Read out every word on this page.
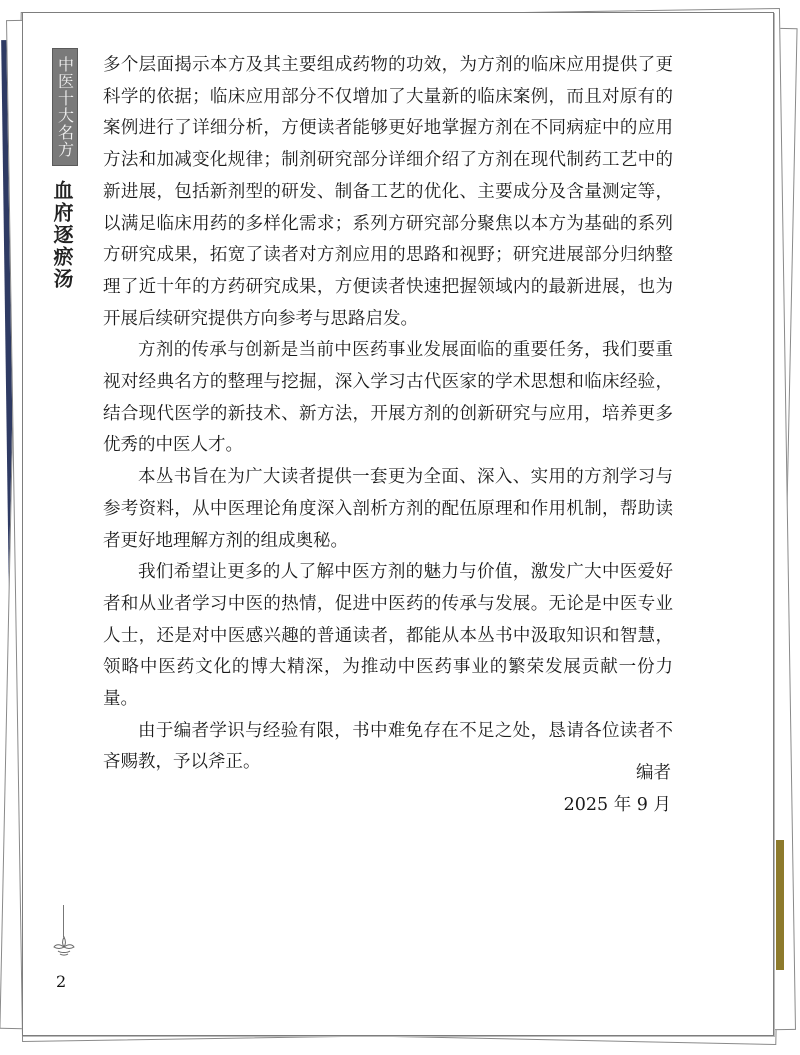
中医十大名方
血府逐瘀汤

多个层面揭示本方及其主要组成药物的功效，为方剂的临床应用提供了更科学的依据；临床应用部分不仅增加了大量新的临床案例，而且对原有的案例进行了详细分析，方便读者能够更好地掌握方剂在不同病症中的应用方法和加减变化规律；制剂研究部分详细介绍了方剂在现代制药工艺中的新进展，包括新剂型的研发、制备工艺的优化、主要成分及含量测定等，以满足临床用药的多样化需求；系列方研究部分聚焦以本方为基础的系列方研究成果，拓宽了读者对方剂应用的思路和视野；研究进展部分归纳整理了近十年的方药研究成果，方便读者快速把握领域内的最新进展，也为开展后续研究提供方向参考与思路启发。

方剂的传承与创新是当前中医药事业发展面临的重要任务，我们要重视对经典名方的整理与挖掘，深入学习古代医家的学术思想和临床经验，结合现代医学的新技术、新方法，开展方剂的创新研究与应用，培养更多优秀的中医人才。

本丛书旨在为广大读者提供一套更为全面、深入、实用的方剂学习与参考资料，从中医理论角度深入剖析方剂的配伍原理和作用机制，帮助读者更好地理解方剂的组成奥秘。

我们希望让更多的人了解中医方剂的魅力与价值，激发广大中医爱好者和从业者学习中医的热情，促进中医药的传承与发展。无论是中医专业人士，还是对中医感兴趣的普通读者，都能从本丛书中汲取知识和智慧，领略中医药文化的博大精深，为推动中医药事业的繁荣发展贡献一份力量。

由于编者学识与经验有限，书中难免存在不足之处，恳请各位读者不吝赐教，予以斧正。

编者
2025 年 9 月
2
